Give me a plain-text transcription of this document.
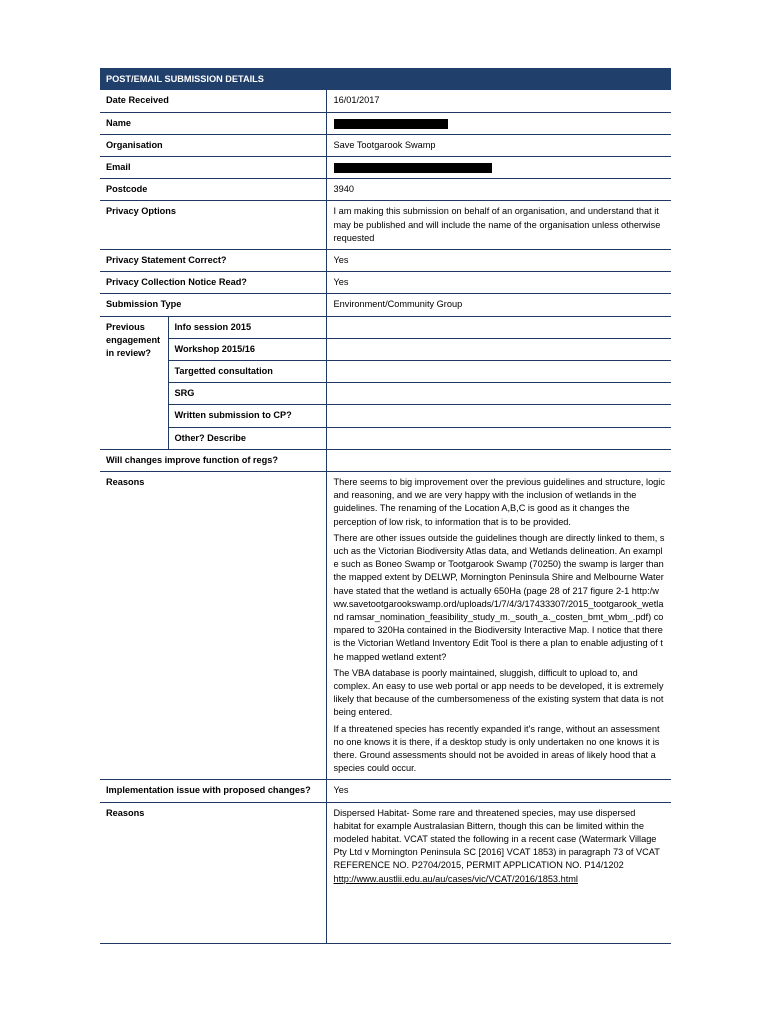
POST/EMAIL SUBMISSION DETAILS		
Date Received		16/01/2017
Name		
Organisation		Save Tootgarook Swamp
Email		
Postcode		3940
Privacy Options		I am making this submission on behalf of an organisation, and understand that it may be published and will include the name of the organisation unless otherwise requested
Privacy Statement Correct?		Yes
Privacy Collection Notice Read?		Yes
Submission Type		Environment/Community Group
Previous engagement in review?	Info session 2015	
	Workshop 2015/16	
	Targetted consultation	
	SRG	
	Written submission to CP?	
	Other? Describe	
Will changes improve function of regs?		
Reasons		There seems to big improvement over the previous guidelines and structure, logic and reasoning, and we are very happy with the inclusion of wetlands in the guidelines. The renaming of the Location A,B,C is good as it changes the perception of low risk, to information that is to be provided.

There are other issues outside the guidelines though are directly linked to them, such as the Victorian Biodiversity Atlas data, and Wetlands delineation. An example such as Boneo Swamp or Tootgarook Swamp (70250) the swamp is larger than the mapped extent by DELWP, Mornington Peninsula Shire and Melbourne Water have stated that the wetland is actually 650Ha (page 28 of 217 figure 2-1 http:/www.savetootgarookswamp.ord/uploads/1/7/4/3/17433307/2015_tootgarook_wetland ramsar_nomination_feasibility_study_m._south_a._costen_bmt_wbm_.pdf) compared to 320Ha contained in the Biodiversity Interactive Map. I notice that there is the Victorian Wetland Inventory Edit Tool is there a plan to enable adjusting of the mapped wetland extent?

The VBA database is poorly maintained, sluggish, difficult to upload to, and complex. An easy to use web portal or app needs to be developed, it is extremely likely that because of the cumbersomeness of the existing system that data is not being entered.

If a threatened species has recently expanded it's range, without an assessment no one knows it is there, if a desktop study is only undertaken no one knows it is there. Ground assessments should not be avoided in areas of likely hood that a species could occur.

Implementation issue with proposed changes?		Yes
Reasons		Dispersed Habitat- Some rare and threatened species, may use dispersed habitat for example Australasian Bittern, though this can be limited within the modeled habitat. VCAT stated the following in a recent case (Watermark Village Pty Ltd v Mornington Peninsula SC [2016] VCAT 1853) in paragraph 73 of VCAT REFERENCE NO. P2704/2015, PERMIT APPLICATION NO. P14/1202

http://www.austlii.edu.au/au/cases/vic/VCAT/2016/1853.html
